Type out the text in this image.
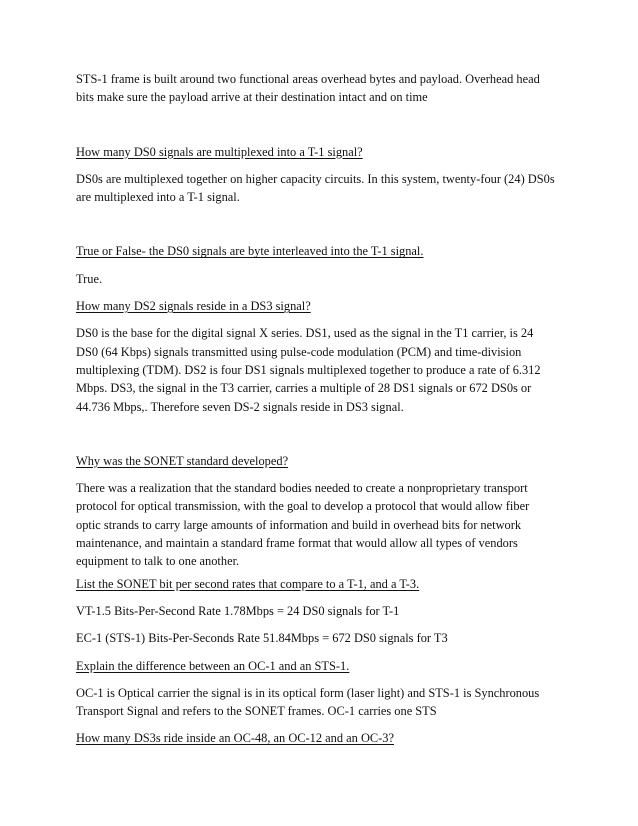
STS-1 frame is built around two functional areas overhead bytes and payload. Overhead head bits make sure the payload arrive at their destination intact and on time

How many DS0 signals are multiplexed into a T-1 signal?

DS0s are multiplexed together on higher capacity circuits. In this system, twenty-four (24) DS0s are multiplexed into a T-1 signal.

True or False- the DS0 signals are byte interleaved into the T-1 signal.

True.

How many DS2 signals reside in a DS3 signal?

DS0 is the base for the digital signal X series. DS1, used as the signal in the T1 carrier, is 24 DS0 (64 Kbps) signals transmitted using pulse-code modulation (PCM) and time-division multiplexing (TDM). DS2 is four DS1 signals multiplexed together to produce a rate of 6.312 Mbps. DS3, the signal in the T3 carrier, carries a multiple of 28 DS1 signals or 672 DS0s or 44.736 Mbps,. Therefore seven DS-2 signals reside in DS3 signal.

Why was the SONET standard developed?

There was a realization that the standard bodies needed to create a nonproprietary transport protocol for optical transmission, with the goal to develop a protocol that would allow fiber optic strands to carry large amounts of information and build in overhead bits for network maintenance, and maintain a standard frame format that would allow all types of vendors equipment to talk to one another.

List the SONET bit per second rates that compare to a T-1, and a T-3.

VT-1.5 Bits-Per-Second Rate 1.78Mbps = 24 DS0 signals for T-1

EC-1 (STS-1) Bits-Per-Seconds Rate 51.84Mbps = 672 DS0 signals for T3

Explain the difference between an OC-1 and an STS-1.

OC-1 is Optical carrier the signal is in its optical form (laser light) and STS-1 is Synchronous Transport Signal and refers to the SONET frames. OC-1 carries one STS

How many DS3s ride inside an OC-48, an OC-12 and an OC-3?
